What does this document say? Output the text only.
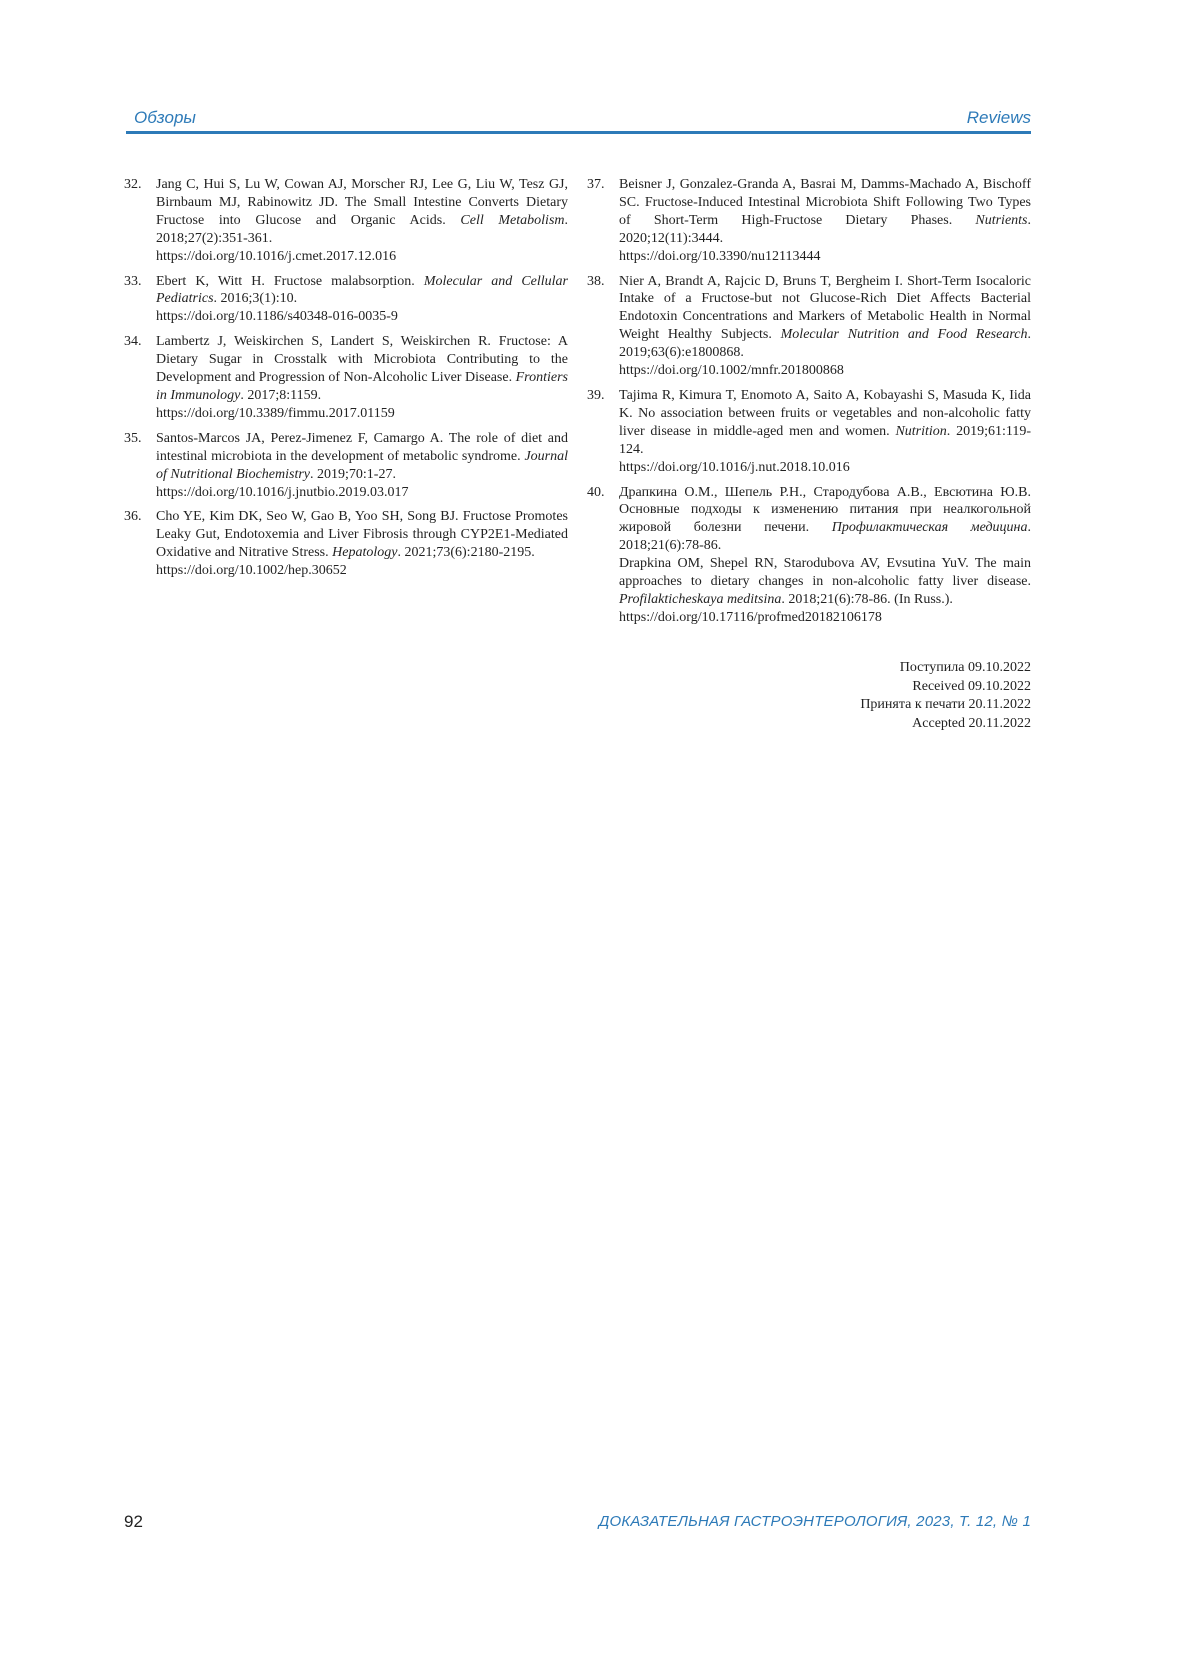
Обзоры	Reviews
32. Jang C, Hui S, Lu W, Cowan AJ, Morscher RJ, Lee G, Liu W, Tesz GJ, Birnbaum MJ, Rabinowitz JD. The Small Intestine Converts Dietary Fructose into Glucose and Organic Acids. Cell Metabolism. 2018;27(2):351-361.
https://doi.org/10.1016/j.cmet.2017.12.016
33. Ebert K, Witt H. Fructose malabsorption. Molecular and Cellular Pediatrics. 2016;3(1):10.
https://doi.org/10.1186/s40348-016-0035-9
34. Lambertz J, Weiskirchen S, Landert S, Weiskirchen R. Fructose: A Dietary Sugar in Crosstalk with Microbiota Contributing to the Development and Progression of Non-Alcoholic Liver Disease. Frontiers in Immunology. 2017;8:1159.
https://doi.org/10.3389/fimmu.2017.01159
35. Santos-Marcos JA, Perez-Jimenez F, Camargo A. The role of diet and intestinal microbiota in the development of metabolic syndrome. Journal of Nutritional Biochemistry. 2019;70:1-27.
https://doi.org/10.1016/j.jnutbio.2019.03.017
36. Cho YE, Kim DK, Seo W, Gao B, Yoo SH, Song BJ. Fructose Promotes Leaky Gut, Endotoxemia and Liver Fibrosis through CYP2E1-Mediated Oxidative and Nitrative Stress. Hepatology. 2021;73(6):2180-2195.
https://doi.org/10.1002/hep.30652
37. Beisner J, Gonzalez-Granda A, Basrai M, Damms-Machado A, Bischoff SC. Fructose-Induced Intestinal Microbiota Shift Following Two Types of Short-Term High-Fructose Dietary Phases. Nutrients. 2020;12(11):3444.
https://doi.org/10.3390/nu12113444
38. Nier A, Brandt A, Rajcic D, Bruns T, Bergheim I. Short-Term Isocaloric Intake of a Fructose-but not Glucose-Rich Diet Affects Bacterial Endotoxin Concentrations and Markers of Metabolic Health in Normal Weight Healthy Subjects. Molecular Nutrition and Food Research. 2019;63(6):e1800868.
https://doi.org/10.1002/mnfr.201800868
39. Tajima R, Kimura T, Enomoto A, Saito A, Kobayashi S, Masuda K, Iida K. No association between fruits or vegetables and non-alcoholic fatty liver disease in middle-aged men and women. Nutrition. 2019;61:119-124.
https://doi.org/10.1016/j.nut.2018.10.016
40. Драпкина О.М., Шепель Р.Н., Стародубова А.В., Евсютина Ю.В. Основные подходы к изменению питания при неалкогольной жировой болезни печени. Профилактическая медицина. 2018;21(6):78-86.
Drapkina OM, Shepel RN, Starodubova AV, Evsutina YuV. The main approaches to dietary changes in non-alcoholic fatty liver disease. Profilakticheskaya meditsina. 2018;21(6):78-86. (In Russ.).
https://doi.org/10.17116/profmed20182106178
Поступила 09.10.2022
Received 09.10.2022
Принята к печати 20.11.2022
Accepted 20.11.2022
92	ДОКАЗАТЕЛЬНАЯ ГАСТРОЭНТЕРОЛОГИЯ, 2023, Т. 12, № 1
